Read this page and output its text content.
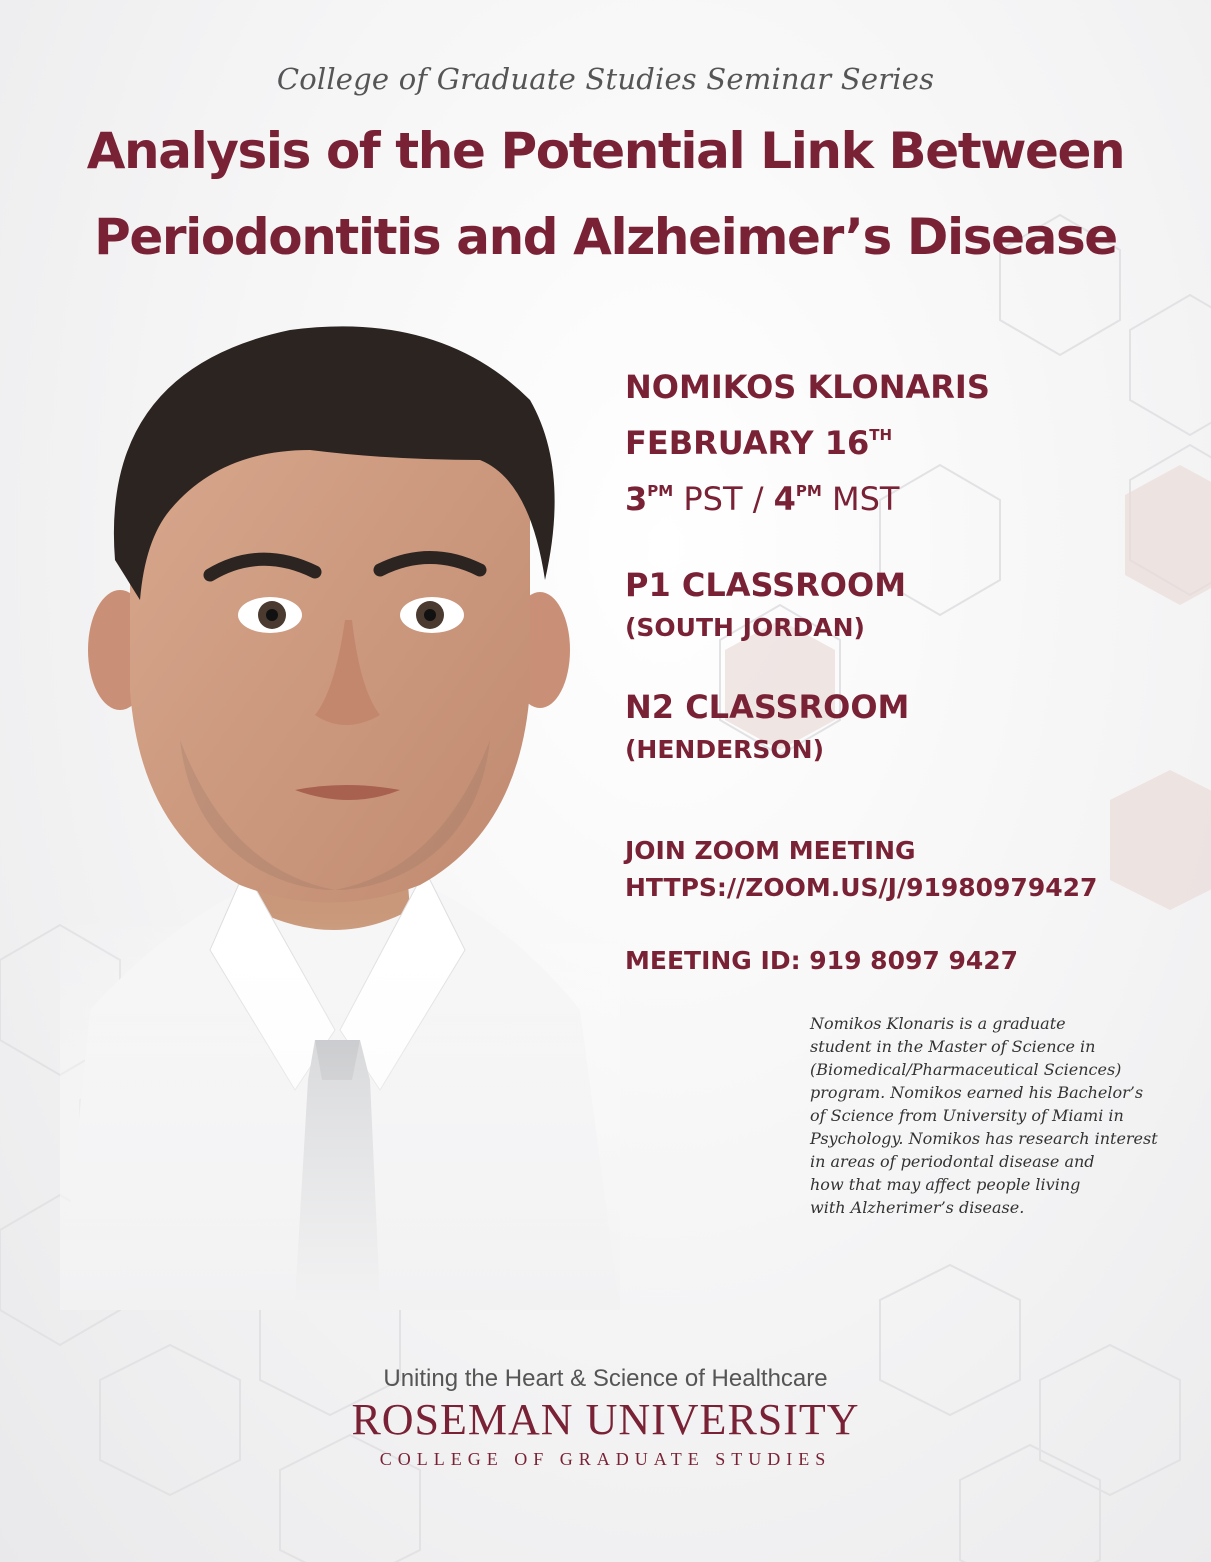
College of Graduate Studies Seminar Series
Analysis of the Potential Link Between
Periodontitis and Alzheimer’s Disease
NOMIKOS KLONARIS
FEBRUARY 16TH
$3^{PM}$ PST / $4^{PM}$ MST
P1 CLASSROOM
(SOUTH JORDAN)
N2 CLASSROOM
(HENDERSON)
JOIN ZOOM MEETING
HTTPS://ZOOM.US/J/91980979427
MEETING ID: 919 8097 9427
Nomikos Klonaris is a graduate
student in the Master of Science in
(Biomedical/Pharmaceutical Sciences)
program. Nomikos earned his Bachelor’s
of Science from University of Miami in
Psychology. Nomikos has research interest
in areas of periodontal disease and
how that may affect people living
with Alzherimer’s disease.
Uniting the Heart & Science of Healthcare
ROSEMAN UNIVERSITY
COLLEGE OF GRADUATE STUDIES
